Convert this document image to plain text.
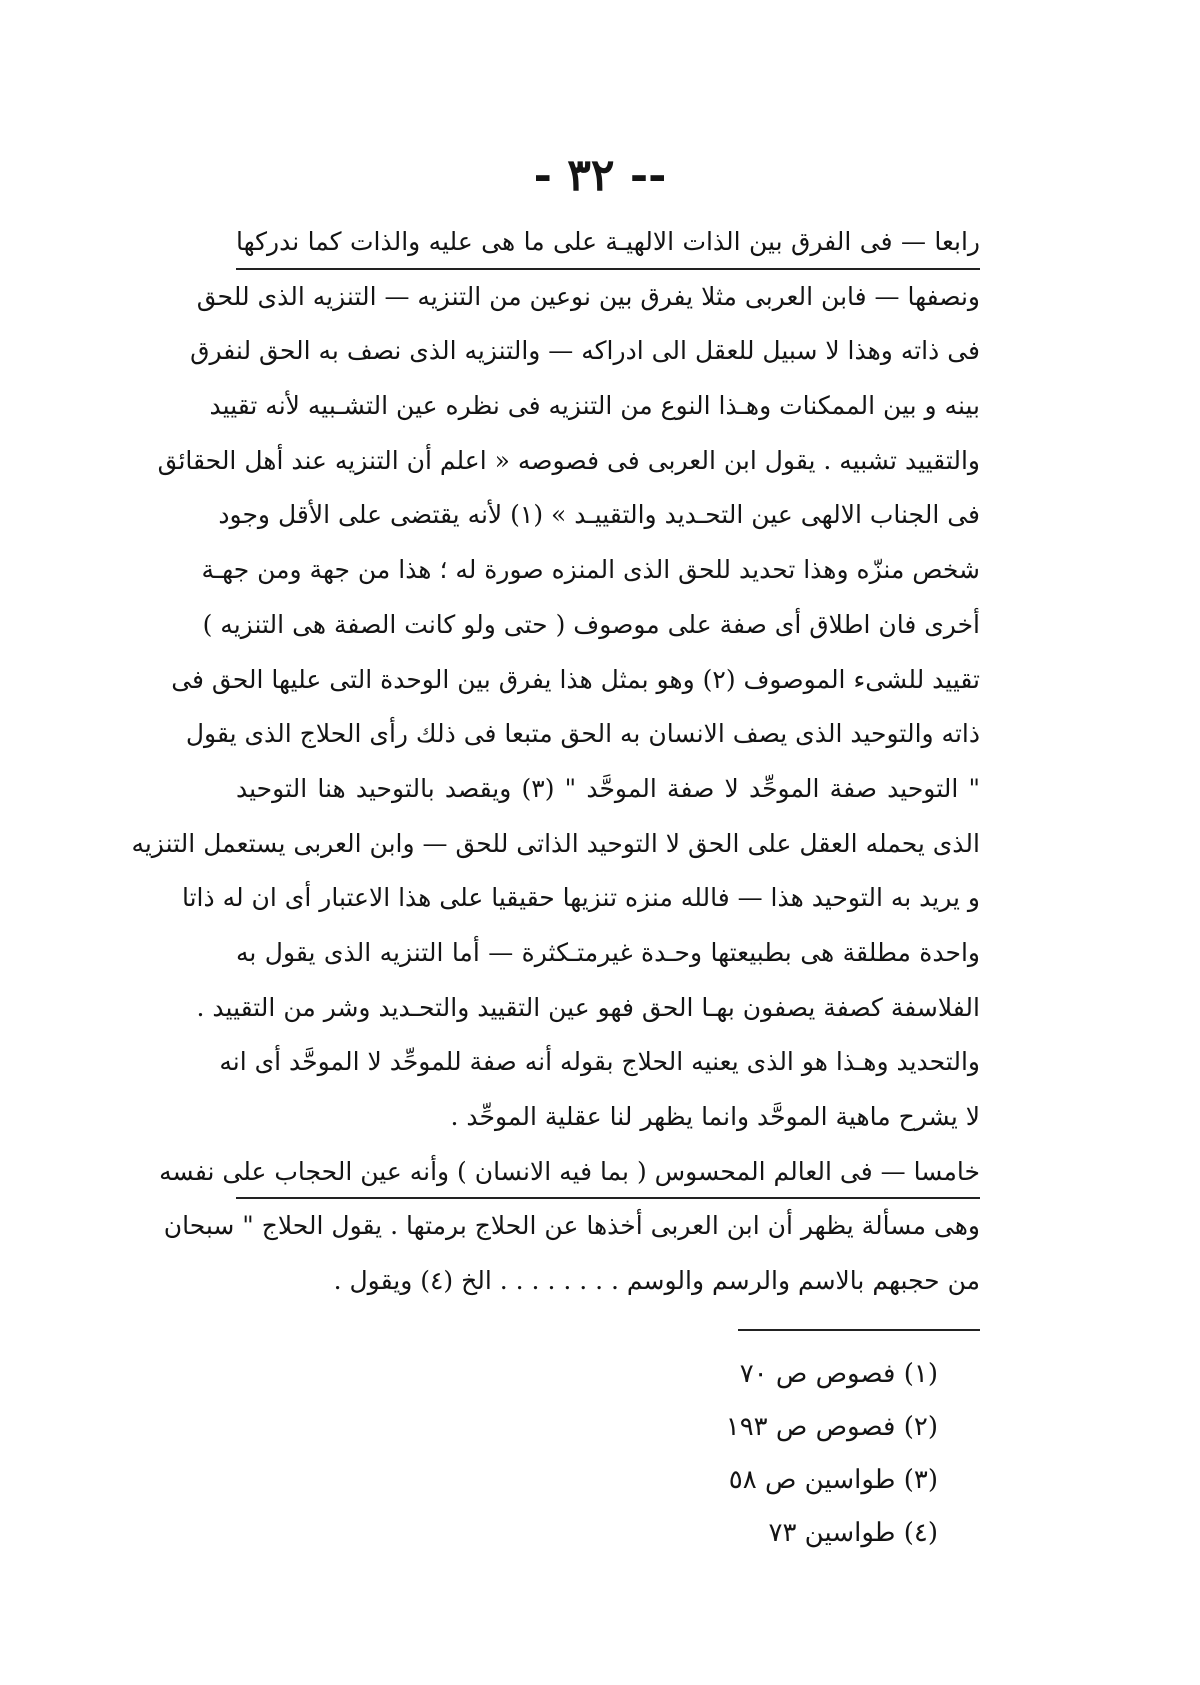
-- ٣٢ -
رابعا — فى الفرق بين الذات الالهيـة على ما هى عليه والذات كما ندركها
ونصفها — فابن العربى مثلا يفرق بين نوعين من التنزيه — التنزيه الذى للحق
فى ذاته وهذا لا سبيل للعقل الى ادراكه — والتنزيه الذى نصف به الحق لنفرق
بينه و بين الممكنات وهـذا النوع من التنزيه فى نظره عين التشـبيه لأنه تقييد
والتقييد تشبيه . يقول ابن العربى فى فصوصه « اعلم أن التنزيه عند أهل الحقائق
فى الجناب الالهى عين التحـديد والتقييـد » (١) لأنه يقتضى على الأقل وجود
شخص منزّه وهذا تحديد للحق الذى المنزه صورة له ؛ هذا من جهة ومن جهـة
أخرى فان اطلاق أى صفة على موصوف ( حتى ولو كانت الصفة هى التنزيه )
تقييد للشىء الموصوف (٢) وهو بمثل هذا يفرق بين الوحدة التى عليها الحق فى
ذاته والتوحيد الذى يصف الانسان به الحق متبعا فى ذلك رأى الحلاج الذى يقول
" التوحيد صفة الموحِّد لا صفة الموحَّد " (٣) ويقصد بالتوحيد هنا التوحيد
الذى يحمله العقل على الحق لا التوحيد الذاتى للحق — وابن العربى يستعمل التنزيه
و يريد به التوحيد هذا — فالله منزه تنزيها حقيقيا على هذا الاعتبار أى ان له ذاتا
واحدة مطلقة هى بطبيعتها وحـدة غيرمتـكثرة — أما التنزيه الذى يقول به
الفلاسفة كصفة يصفون بهـا الحق فهو عين التقييد والتحـديد وشر من التقييد .
والتحديد وهـذا هو الذى يعنيه الحلاج بقوله أنه صفة للموحِّد لا الموحَّد أى انه
لا يشرح ماهية الموحَّد وانما يظهر لنا عقلية الموحِّد .
خامسا — فى العالم المحسوس ( بما فيه الانسان ) وأنه عين الحجاب على نفسه
وهى مسألة يظهر أن ابن العربى أخذها عن الحلاج برمتها . يقول الحلاج " سبحان
من حجبهم بالاسم والرسم والوسم . . . . . . . . الخ (٤) ويقول .
(١) فصوص ص ٧٠
(٢) فصوص ص ١٩٣
(٣) طواسين ص ٥٨
(٤) طواسين ٧٣
